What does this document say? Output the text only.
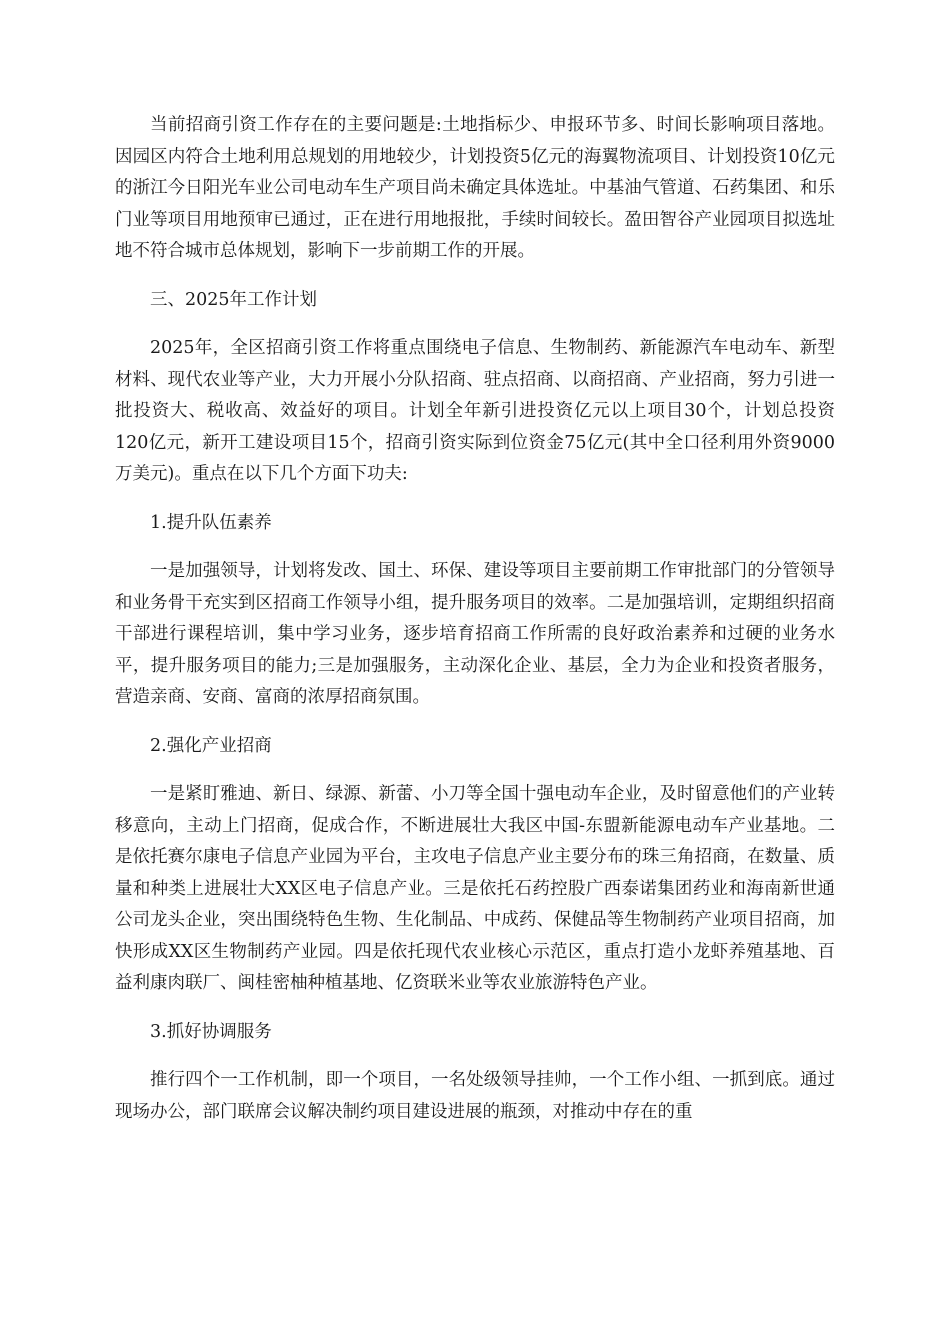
当前招商引资工作存在的主要问题是:土地指标少、申报环节多、时间长影响项目落地。因园区内符合土地利用总规划的用地较少，计划投资5亿元的海翼物流项目、计划投资10亿元的浙江今日阳光车业公司电动车生产项目尚未确定具体选址。中基油气管道、石药集团、和乐门业等项目用地预审已通过，正在进行用地报批，手续时间较长。盈田智谷产业园项目拟选址地不符合城市总体规划，影响下一步前期工作的开展。

三、2025年工作计划

2025年，全区招商引资工作将重点围绕电子信息、生物制药、新能源汽车电动车、新型材料、现代农业等产业，大力开展小分队招商、驻点招商、以商招商、产业招商，努力引进一批投资大、税收高、效益好的项目。计划全年新引进投资亿元以上项目30个，计划总投资120亿元，新开工建设项目15个，招商引资实际到位资金75亿元(其中全口径利用外资9000万美元)。重点在以下几个方面下功夫:

1.提升队伍素养

一是加强领导，计划将发改、国土、环保、建设等项目主要前期工作审批部门的分管领导和业务骨干充实到区招商工作领导小组，提升服务项目的效率。二是加强培训，定期组织招商干部进行课程培训，集中学习业务，逐步培育招商工作所需的良好政治素养和过硬的业务水平，提升服务项目的能力;三是加强服务，主动深化企业、基层，全力为企业和投资者服务，营造亲商、安商、富商的浓厚招商氛围。

2.强化产业招商

一是紧盯雅迪、新日、绿源、新蕾、小刀等全国十强电动车企业，及时留意他们的产业转移意向，主动上门招商，促成合作，不断进展壮大我区中国-东盟新能源电动车产业基地。二是依托赛尔康电子信息产业园为平台，主攻电子信息产业主要分布的珠三角招商，在数量、质量和种类上进展壮大XX区电子信息产业。三是依托石药控股广西泰诺集团药业和海南新世通公司龙头企业，突出围绕特色生物、生化制品、中成药、保健品等生物制药产业项目招商，加快形成XX区生物制药产业园。四是依托现代农业核心示范区，重点打造小龙虾养殖基地、百益利康肉联厂、闽桂密柚种植基地、亿资联米业等农业旅游特色产业。

3.抓好协调服务

推行四个一工作机制，即一个项目，一名处级领导挂帅，一个工作小组、一抓到底。通过现场办公，部门联席会议解决制约项目建设进展的瓶颈，对推动中存在的重
